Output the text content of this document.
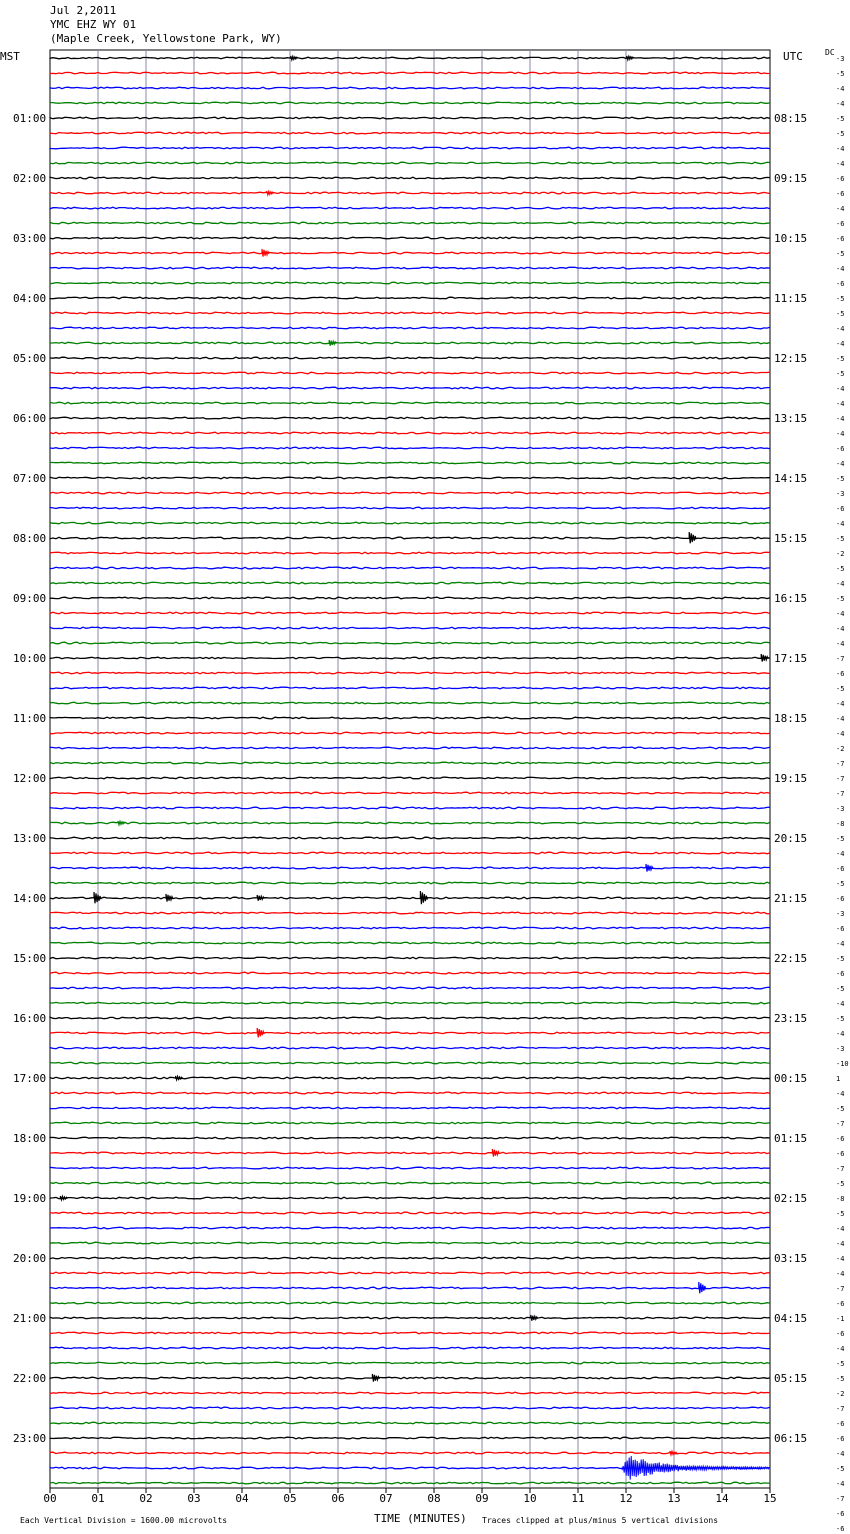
Jul 2,2011
YMC EHZ WY 01
(Maple Creek, Yellowstone Park, WY)
MST	UTC	DC
01:00
02:00
03:00
04:00
05:00
06:00
07:00
08:00
09:00
10:00
11:00
12:00
13:00
14:00
15:00
16:00
17:00
18:00
19:00
20:00
21:00
22:00
23:00
08:15
09:15
10:15
11:15
12:15
13:15
14:15
15:15
16:15
17:15
18:15
19:15
20:15
21:15
22:15
23:15
00:15
01:15
02:15
03:15
04:15
05:15
06:15
-3
-5
-4
-4
-5
-5
-4
-4
-6
-6
-4
-6
-6
-5
-4
-6
-5
-5
-4
-4
-5
-5
-4
-4
-4
-4
-6
-4
-5
-3
-6
-4
-5
-2
-5
-4
-5
-4
-4
-4
-7
-6
-5
-4
-4
-4
-2
-7
-7
-7
-3
-8
-5
-4
-6
-5
-6
-3
-6
-4
-5
-6
-5
-4
-5
-4
-3
-10
1
-4
-5
-7
-6
-6
-7
-5
-8
-5
-4
-4
-4
-4
-7
-6
-1
-6
-4
-5
-5
-2
-7
-6
-6
-4
-5
-4
-7
-6
-6
00	01	02	03	04	05	06	07	08	09	10	11	12	13	14	15
Each Vertical Division = 1600.00 microvolts	TIME (MINUTES) Traces clipped at plus/minus 5 vertical divisions
